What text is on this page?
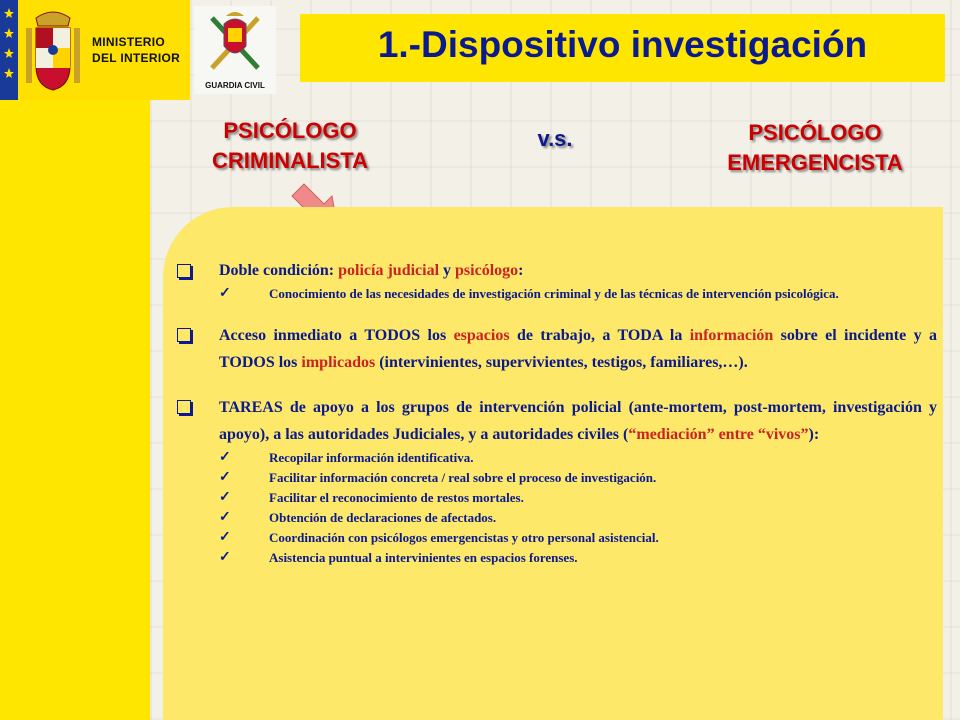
MINISTERIO
DEL INTERIOR
GUARDIA CIVIL
1.-Dispositivo investigación
PSICÓLOGO
CRIMINALISTA
v.s.	PSICÓLOGO
EMERGENCISTA
Doble condición: policía judicial y psicólogo:
✓	Conocimiento de las necesidades de investigación criminal y de las técnicas de intervención psicológica.
Acceso inmediato a TODOS los espacios de trabajo, a TODA la información sobre el incidente y a TODOS los implicados (intervinientes, supervivientes, testigos, familiares,…).
TAREAS de apoyo a los grupos de intervención policial (ante-mortem, post-mortem, investigación y apoyo), a las autoridades Judiciales, y a autoridades civiles (“mediación” entre “vivos”):
✓	Recopilar información identificativa.
✓	Facilitar información concreta / real sobre el proceso de investigación.
✓	Facilitar el reconocimiento de restos mortales.
✓	Obtención de declaraciones de afectados.
✓	Coordinación con psicólogos emergencistas y otro personal asistencial.
✓	Asistencia puntual a intervinientes en espacios forenses.
